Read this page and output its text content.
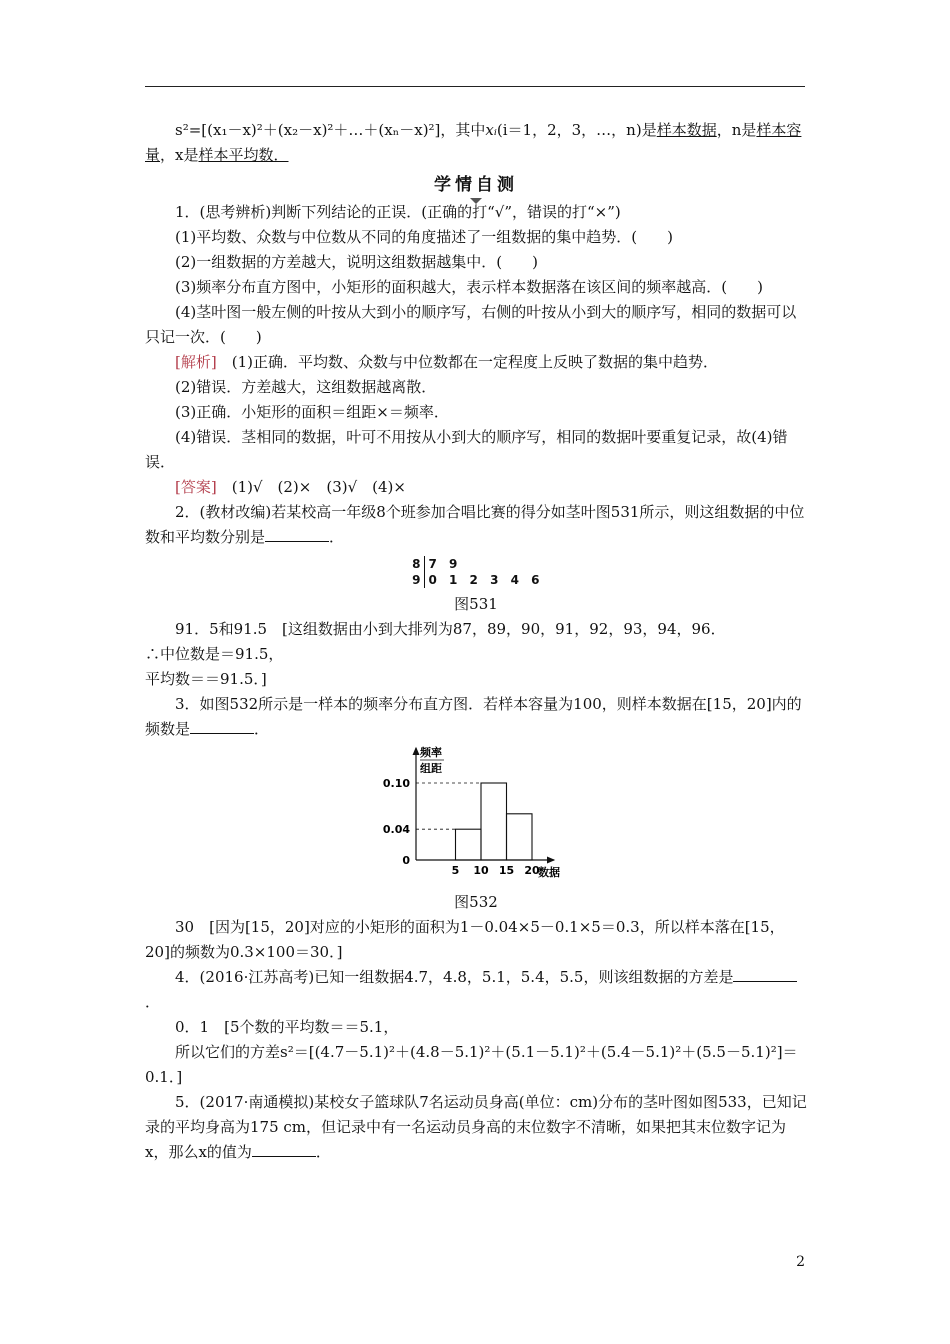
s²=[(x₁－x)²＋(x₂－x)²＋…＋(xₙ－x)²]，其中xᵢ(i＝1，2，3，…，n)是样本数据，n是样本容量，x是样本平均数．

学情自测

1．(思考辨析)判断下列结论的正误．(正确的打“√”，错误的打“×”)

(1)平均数、众数与中位数从不同的角度描述了一组数据的集中趋势．(　　)

(2)一组数据的方差越大，说明这组数据越集中．(　　)

(3)频率分布直方图中，小矩形的面积越大，表示样本数据落在该区间的频率越高．(　　)

(4)茎叶图一般左侧的叶按从大到小的顺序写，右侧的叶按从小到大的顺序写，相同的数据可以只记一次．(　　)

[解析]　 (1)正确．平均数、众数与中位数都在一定程度上反映了数据的集中趋势．

(2)错误．方差越大，这组数据越离散．

(3)正确．小矩形的面积＝组距×＝频率．

(4)错误．茎相同的数据，叶可不用按从小到大的顺序写，相同的数据叶要重复记录，故(4)错误．

[答案]　 (1)√　(2)×　(3)√　(4)×

2．(教材改编)若某校高一年级8个班参加合唱比赛的得分如茎叶图531所示，则这组数据的中位数和平均数分别是	．

8 7 9
9 0 1 2 3 4 6

图531

91．5和91.5　[这组数据由小到大排列为87，89，90，91，92，93，94，96．

∴中位数是＝91.5，

平均数＝＝91.5．]

3．如图532所示是一样本的频率分布直方图．若样本容量为100，则样本数据在[15，20]内的频数是	．

频率
组距
数据
5 10 15 20
0
0.04
0.10

图532

30　[因为[15，20]对应的小矩形的面积为1－0.04×5－0.1×5＝0.3，所以样本落在[15，20]的频数为0.3×100＝30．]

4．(2016·江苏高考)已知一组数据4.7，4.8，5.1，5.4，5.5，则该组数据的方差是．

0．1　[5个数的平均数＝＝5.1，

所以它们的方差s²＝[(4.7－5.1)²＋(4.8－5.1)²＋(5.1－5.1)²＋(5.4－5.1)²＋(5.5－5.1)²]＝0.1．]

5．(2017·南通模拟)某校女子篮球队7名运动员身高(单位：cm)分布的茎叶图如图533，已知记录的平均身高为175 cm，但记录中有一名运动员身高的末位数字不清晰，如果把其末位数字记为x，那么x的值为	．

2
